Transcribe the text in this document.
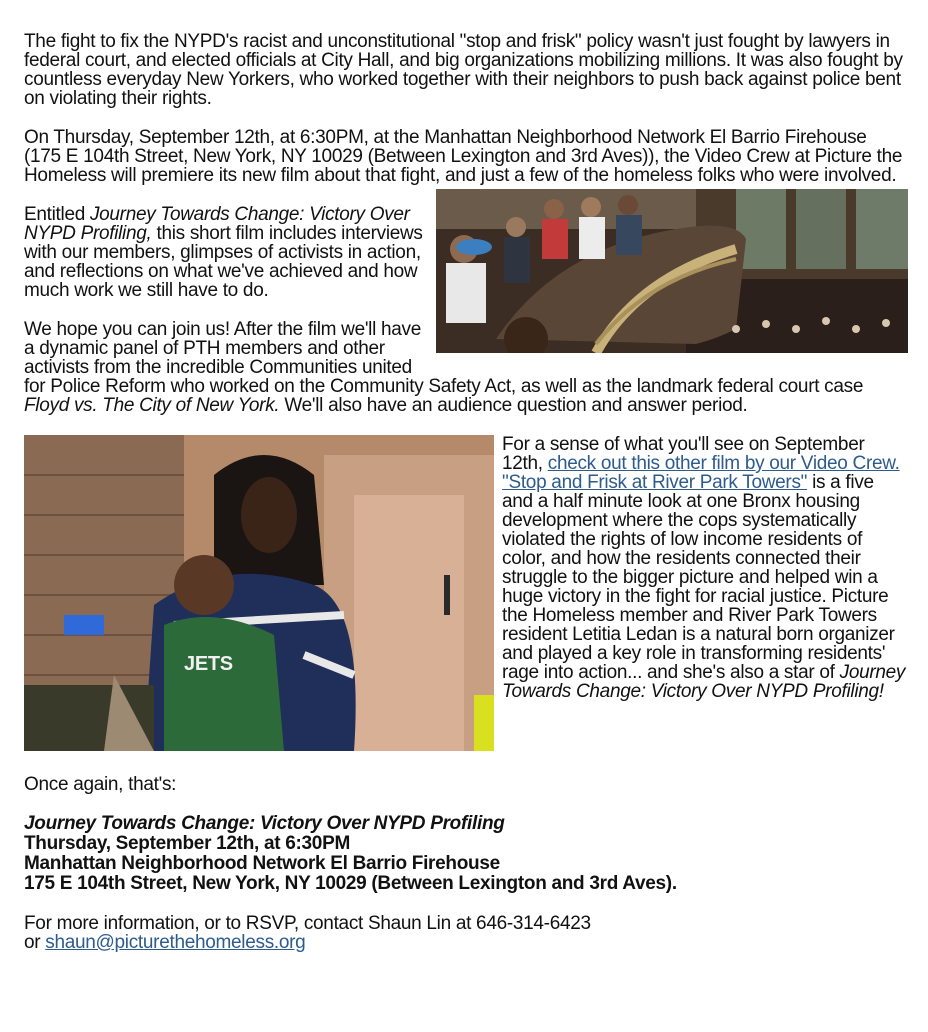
The fight to fix the NYPD's racist and unconstitutional "stop and frisk" policy wasn't just fought by lawyers in federal court, and elected officials at City Hall, and big organizations mobilizing millions. It was also fought by countless everyday New Yorkers, who worked together with their neighbors to push back against police bent on violating their rights.

On Thursday, September 12th, at 6:30PM, at the Manhattan Neighborhood Network El Barrio Firehouse (175 E 104th Street, New York, NY 10029 (Between Lexington and 3rd Aves)), the Video Crew at Picture the Homeless will premiere its new film about that fight, and just a few of the homeless folks who were involved.

Entitled Journey Towards Change: Victory Over NYPD Profiling, this short film includes interviews with our members, glimpses of activists in action, and reflections on what we've achieved and how much work we still have to do.

We hope you can join us! After the film we'll have a dynamic panel of PTH members and other activists from the incredible Communities united for Police Reform who worked on the Community Safety Act, as well as the landmark federal court case Floyd vs. The City of New York. We'll also have an audience question and answer period.

JETS

For a sense of what you'll see on September 12th, check out this other film by our Video Crew. "Stop and Frisk at River Park Towers" is a five and a half minute look at one Bronx housing development where the cops systematically violated the rights of low income residents of color, and how the residents connected their struggle to the bigger picture and helped win a huge victory in the fight for racial justice. Picture the Homeless member and River Park Towers resident Letitia Ledan is a natural born organizer and played a key role in transforming residents' rage into action... and she's also a star of Journey Towards Change: Victory Over NYPD Profiling!

Once again, that's:

Journey Towards Change: Victory Over NYPD Profiling

Thursday, September 12th, at 6:30PM

Manhattan Neighborhood Network El Barrio Firehouse

175 E 104th Street, New York, NY 10029 (Between Lexington and 3rd Aves).

For more information, or to RSVP, contact Shaun Lin at 646-314-6423

or shaun@picturethehomeless.org
